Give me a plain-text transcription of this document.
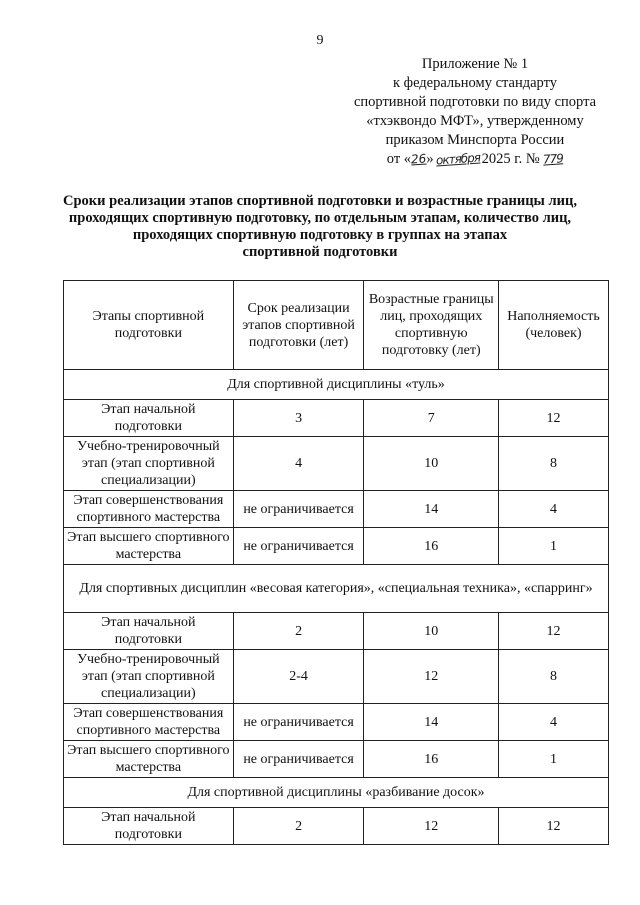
9
Приложение № 1
к федеральному стандарту
спортивной подготовки по виду спорта
«тхэквондо МФТ», утвержденному
приказом Минспорта России
от «26» октября 2025 г. № 779
Сроки реализации этапов спортивной подготовки и возрастные границы лиц,
проходящих спортивную подготовку, по отдельным этапам, количество лиц,
проходящих спортивную подготовку в группах на этапах
спортивной подготовки
Этапы спортивной подготовки	Срок реализации этапов спортивной подготовки (лет)	Возрастные границы лиц, проходящих спортивную подготовку (лет)	Наполняемость (человек)
Для спортивной дисциплины «туль»			
Этап начальной подготовки	3	7	12
Учебно-тренировочный этап (этап спортивной специализации)	4	10	8
Этап совершенствования спортивного мастерства	не ограничивается	14	4
Этап высшего спортивного мастерства	не ограничивается	16	1
Для спортивных дисциплин «весовая категория», «специальная техника», «спарринг»			
Этап начальной подготовки	2	10	12
Учебно-тренировочный этап (этап спортивной специализации)	2-4	12	8
Этап совершенствования спортивного мастерства	не ограничивается	14	4
Этап высшего спортивного мастерства	не ограничивается	16	1
Для спортивной дисциплины «разбивание досок»			
Этап начальной подготовки	2	12	12
